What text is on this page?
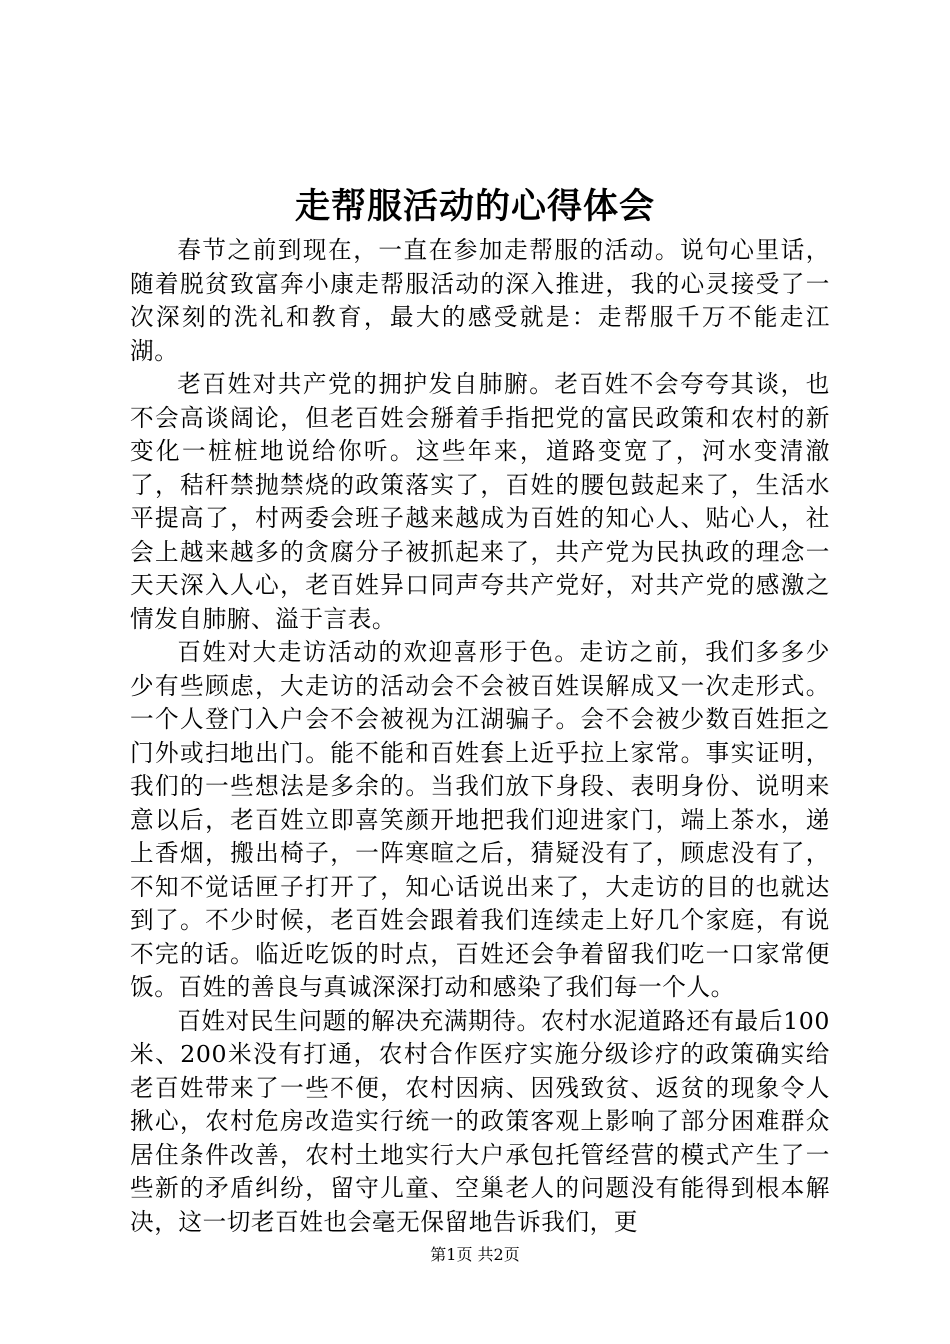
走帮服活动的心得体会

春节之前到现在，一直在参加走帮服的活动。说句心里话，随着脱贫致富奔小康走帮服活动的深入推进，我的心灵接受了一次深刻的洗礼和教育，最大的感受就是：走帮服千万不能走江湖。

老百姓对共产党的拥护发自肺腑。老百姓不会夸夸其谈，也不会高谈阔论，但老百姓会掰着手指把党的富民政策和农村的新变化一桩桩地说给你听。这些年来，道路变宽了，河水变清澈了，秸秆禁抛禁烧的政策落实了，百姓的腰包鼓起来了，生活水平提高了，村两委会班子越来越成为百姓的知心人、贴心人，社会上越来越多的贪腐分子被抓起来了，共产党为民执政的理念一天天深入人心，老百姓异口同声夸共产党好，对共产党的感激之情发自肺腑、溢于言表。

百姓对大走访活动的欢迎喜形于色。走访之前，我们多多少少有些顾虑，大走访的活动会不会被百姓误解成又一次走形式。一个人登门入户会不会被视为江湖骗子。会不会被少数百姓拒之门外或扫地出门。能不能和百姓套上近乎拉上家常。事实证明，我们的一些想法是多余的。当我们放下身段、表明身份、说明来意以后，老百姓立即喜笑颜开地把我们迎进家门，端上茶水，递上香烟，搬出椅子，一阵寒暄之后，猜疑没有了，顾虑没有了，不知不觉话匣子打开了，知心话说出来了，大走访的目的也就达到了。不少时候，老百姓会跟着我们连续走上好几个家庭，有说不完的话。临近吃饭的时点，百姓还会争着留我们吃一口家常便饭。百姓的善良与真诚深深打动和感染了我们每一个人。

百姓对民生问题的解决充满期待。农村水泥道路还有最后100米、200米没有打通，农村合作医疗实施分级诊疗的政策确实给老百姓带来了一些不便，农村因病、因残致贫、返贫的现象令人揪心，农村危房改造实行统一的政策客观上影响了部分困难群众居住条件改善，农村土地实行大户承包托管经营的模式产生了一些新的矛盾纠纷，留守儿童、空巢老人的问题没有能得到根本解决，这一切老百姓也会毫无保留地告诉我们，更

第1页 共2页
